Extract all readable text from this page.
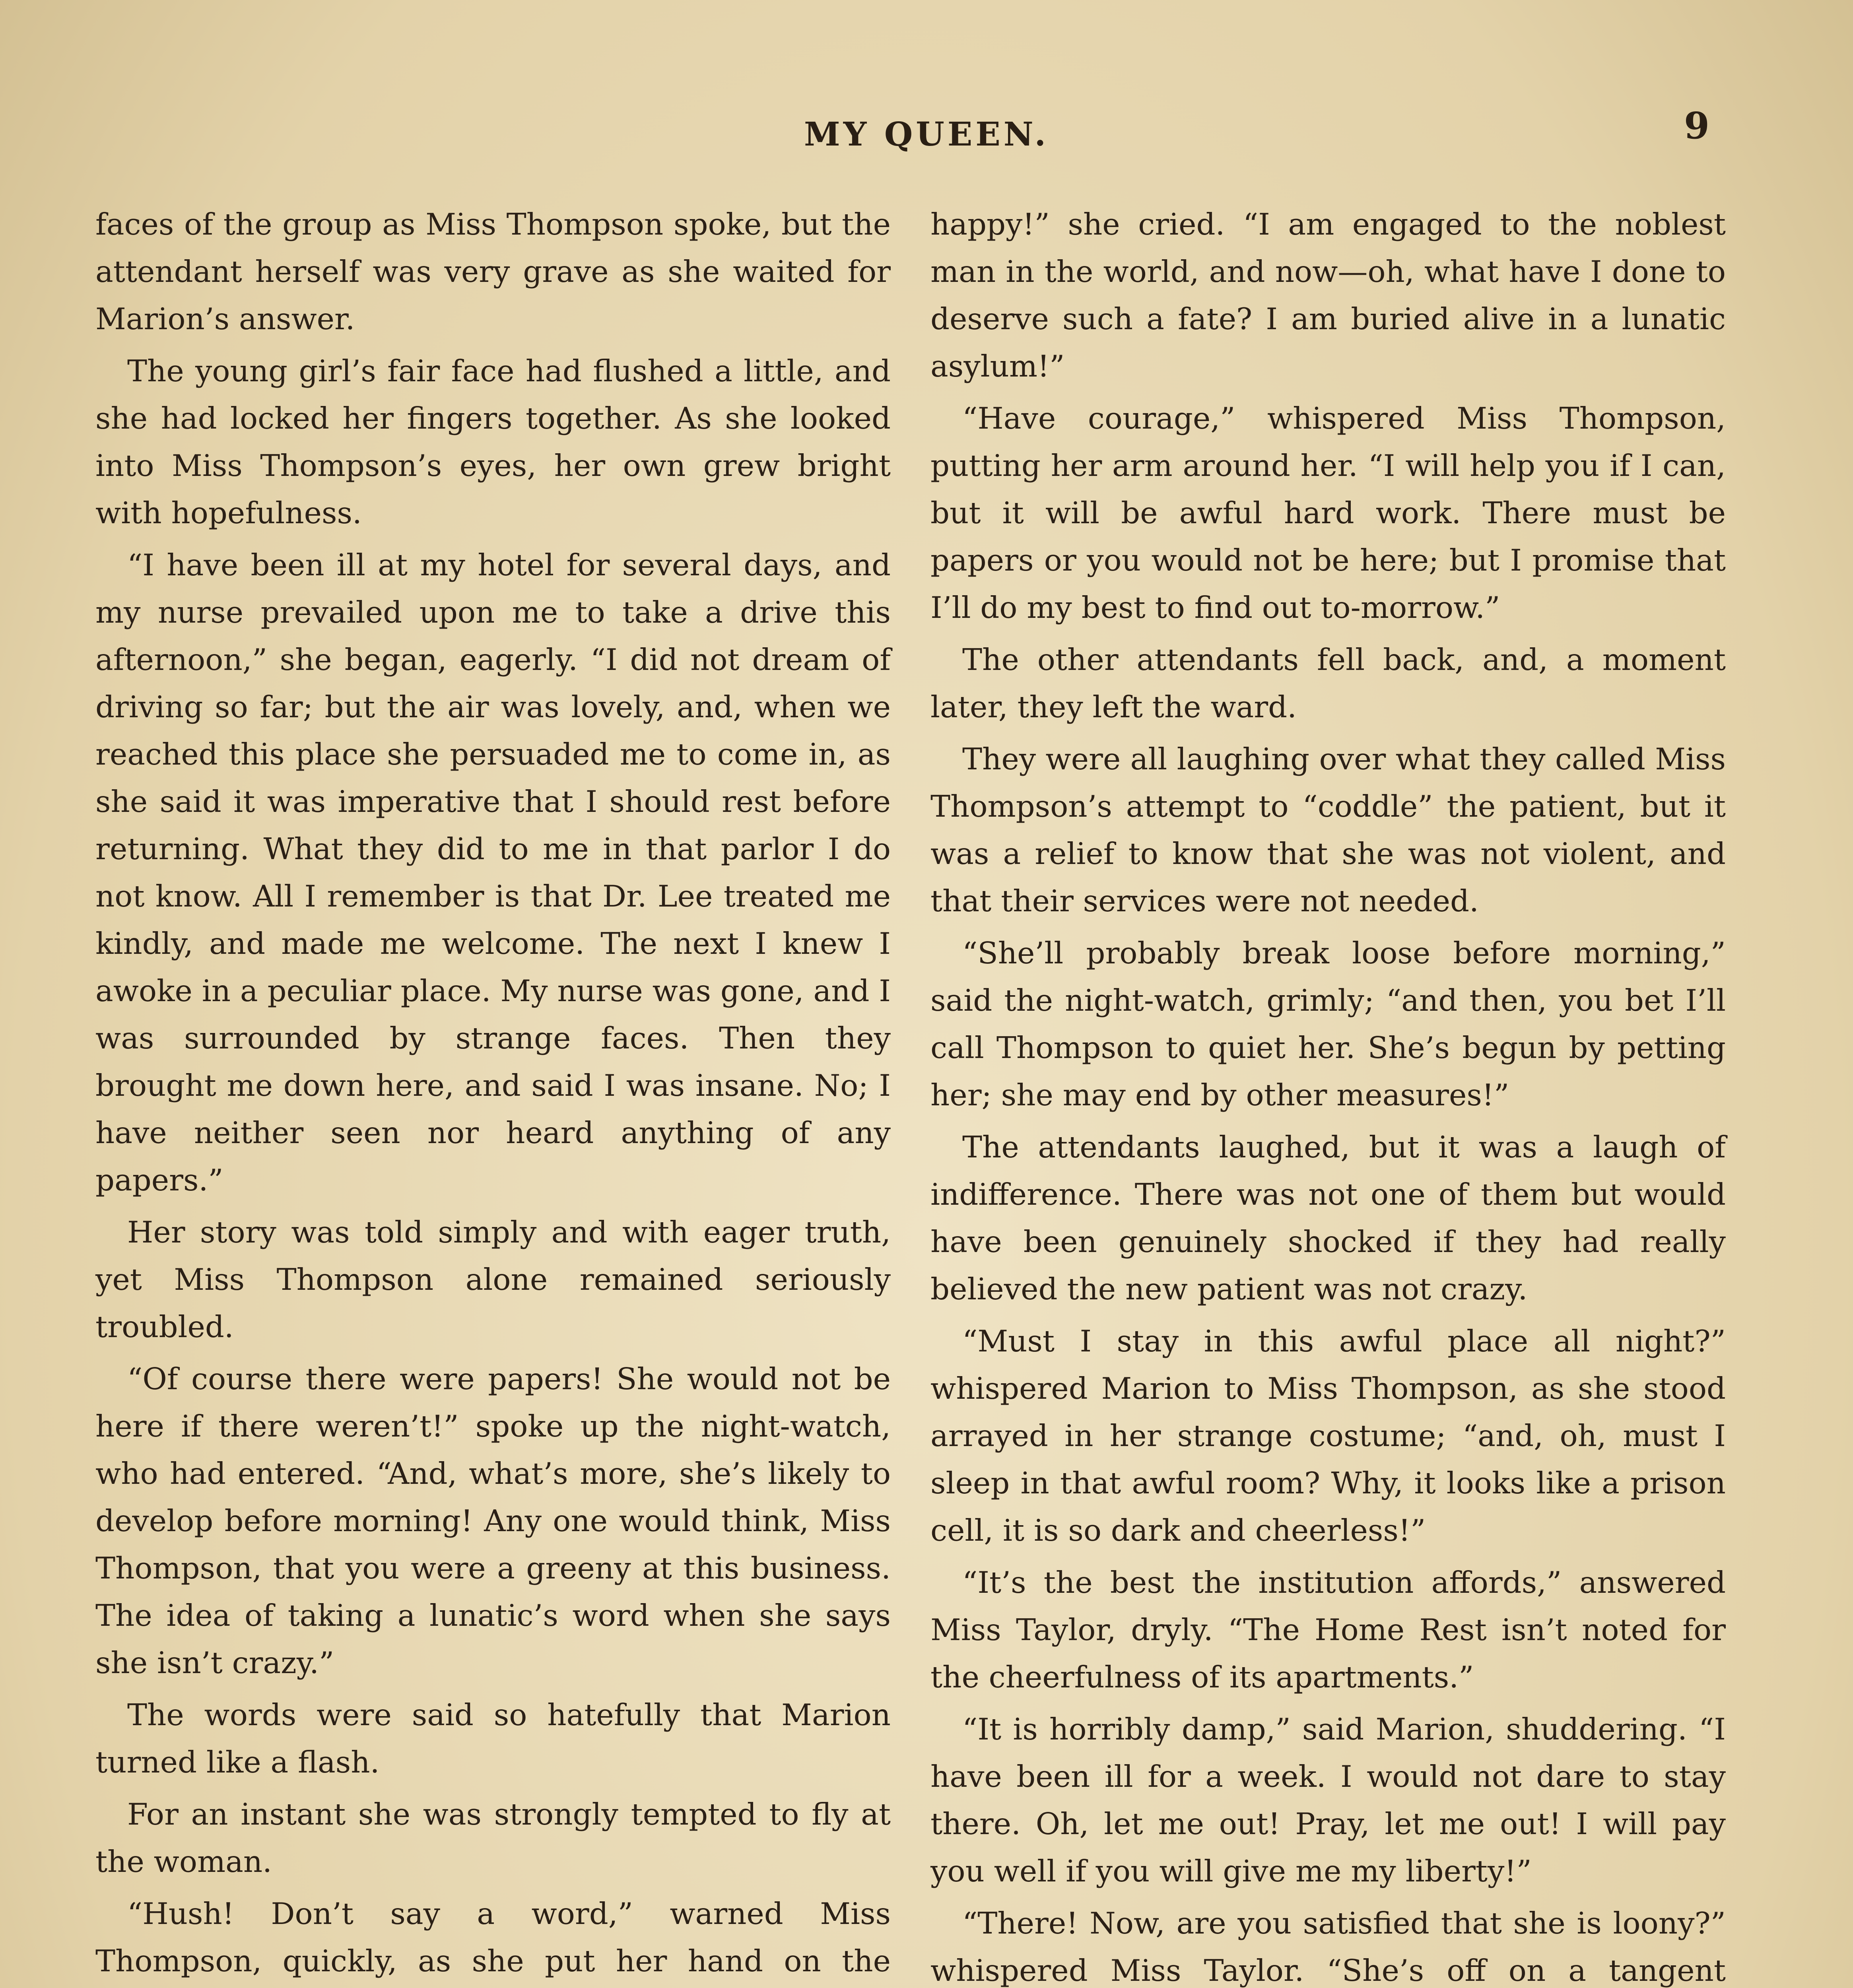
MY QUEEN.	9

faces of the group as Miss Thompson spoke, but the attendant herself was very grave as she waited for Marion’s answer.

The young girl’s fair face had flushed a little, and she had locked her fingers together. As she looked into Miss Thompson’s eyes, her own grew bright with hopefulness.

“I have been ill at my hotel for several days, and my nurse prevailed upon me to take a drive this afternoon,” she began, eagerly. “I did not dream of driving so far; but the air was lovely, and, when we reached this place she persuaded me to come in, as she said it was imperative that I should rest before returning. What they did to me in that parlor I do not know. All I remember is that Dr. Lee treated me kindly, and made me welcome. The next I knew I awoke in a peculiar place. My nurse was gone, and I was surrounded by strange faces. Then they brought me down here, and said I was insane. No; I have neither seen nor heard anything of any papers.”

Her story was told simply and with eager truth, yet Miss Thompson alone remained seriously troubled.

“Of course there were papers! She would not be here if there weren’t!” spoke up the night-watch, who had entered. “And, what’s more, she’s likely to develop before morning! Any one would think, Miss Thompson, that you were a greeny at this business. The idea of taking a lunatic’s word when she says she isn’t crazy.”

The words were said so hatefully that Marion turned like a flash.

For an instant she was strongly tempted to fly at the woman.

“Hush! Don’t say a word,” warned Miss Thompson, quickly, as she put her hand on the

happy!” she cried. “I am engaged to the noblest man in the world, and now—oh, what have I done to deserve such a fate? I am buried alive in a lunatic asylum!”

“Have courage,” whispered Miss Thompson, putting her arm around her. “I will help you if I can, but it will be awful hard work. There must be papers or you would not be here; but I promise that I’ll do my best to find out to-morrow.”

The other attendants fell back, and, a moment later, they left the ward.

They were all laughing over what they called Miss Thompson’s attempt to “coddle” the patient, but it was a relief to know that she was not violent, and that their services were not needed.

“She’ll probably break loose before morning,” said the night-watch, grimly; “and then, you bet I’ll call Thompson to quiet her. She’s begun by petting her; she may end by other measures!”

The attendants laughed, but it was a laugh of indifference. There was not one of them but would have been genuinely shocked if they had really believed the new patient was not crazy.

“Must I stay in this awful place all night?” whispered Marion to Miss Thompson, as she stood arrayed in her strange costume; “and, oh, must I sleep in that awful room? Why, it looks like a prison cell, it is so dark and cheerless!”

“It’s the best the institution affords,” answered Miss Taylor, dryly. “The Home Rest isn’t noted for the cheerfulness of its apartments.”

“It is horribly damp,” said Marion, shuddering. “I have been ill for a week. I would not dare to stay there. Oh, let me out! Pray, let me out! I will pay you well if you will give me my liberty!”

“There! Now, are you satisfied that she is loony?” whispered Miss Taylor. “She’s off on a tangent
